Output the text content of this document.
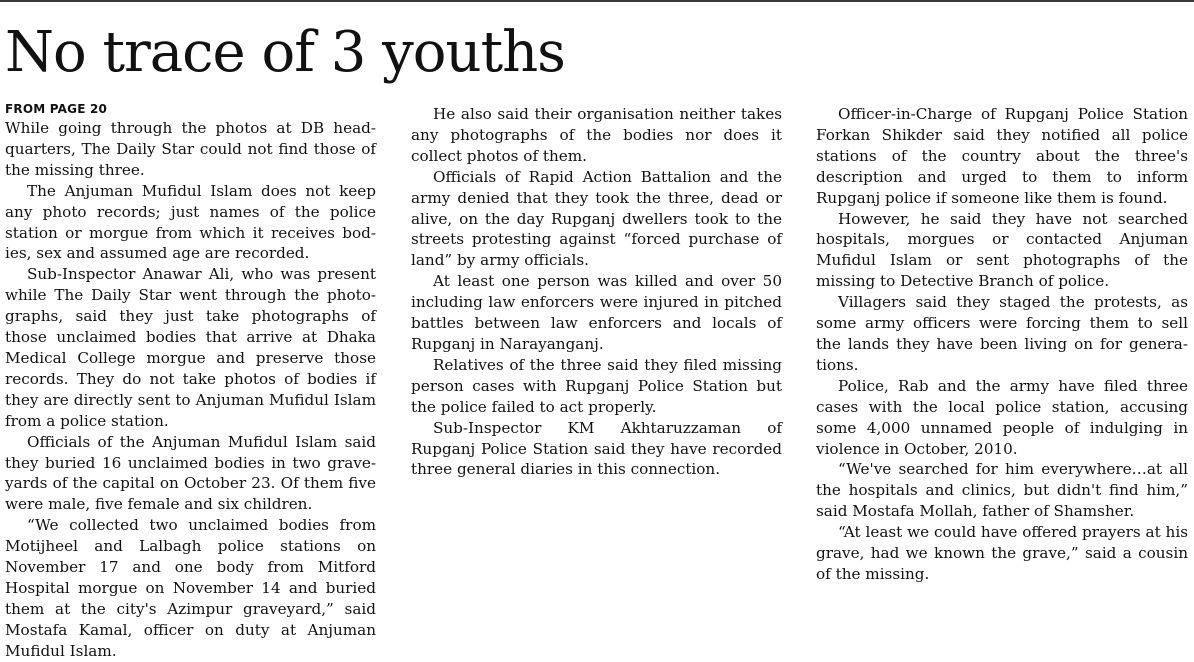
No trace of 3 youths
FROM PAGE 20

While going through the photos at DB headquarters, The Daily Star could not find those of the missing three.

The Anjuman Mufidul Islam does not keep any photo records; just names of the police station or morgue from which it receives bodies, sex and assumed age are recorded.

Sub-Inspector Anawar Ali, who was present while The Daily Star went through the photographs, said they just take photographs of those unclaimed bodies that arrive at Dhaka Medical College morgue and preserve those records. They do not take photos of bodies if they are directly sent to Anjuman Mufidul Islam from a police station.

Officials of the Anjuman Mufidul Islam said they buried 16 unclaimed bodies in two graveyards of the capital on October 23. Of them five were male, five female and six children.

“We collected two unclaimed bodies from Motijheel and Lalbagh police stations on November 17 and one body from Mitford Hospital morgue on November 14 and buried them at the city's Azimpur graveyard,” said Mostafa Kamal, officer on duty at Anjuman Mufidul Islam.

He also said their organisation neither takes any photographs of the bodies nor does it collect photos of them.

Officials of Rapid Action Battalion and the army denied that they took the three, dead or alive, on the day Rupganj dwellers took to the streets protesting against “forced purchase of land” by army officials.

At least one person was killed and over 50 including law enforcers were injured in pitched battles between law enforcers and locals of Rupganj in Narayanganj.

Relatives of the three said they filed missing person cases with Rupganj Police Station but the police failed to act properly.

Sub-Inspector KM Akhtaruzzaman of Rupganj Police Station said they have recorded three general diaries in this connection.

Officer-in-Charge of Rupganj Police Station Forkan Shikder said they notified all police stations of the country about the three's description and urged to them to inform Rupganj police if someone like them is found.

However, he said they have not searched hospitals, morgues or contacted Anjuman Mufidul Islam or sent photographs of the missing to Detective Branch of police.

Villagers said they staged the protests, as some army officers were forcing them to sell the lands they have been living on for generations.

Police, Rab and the army have filed three cases with the local police station, accusing some 4,000 unnamed people of indulging in violence in October, 2010.

“We've searched for him everywhere…at all the hospitals and clinics, but didn't find him,” said Mostafa Mollah, father of Shamsher.

“At least we could have offered prayers at his grave, had we known the grave,” said a cousin of the missing.
